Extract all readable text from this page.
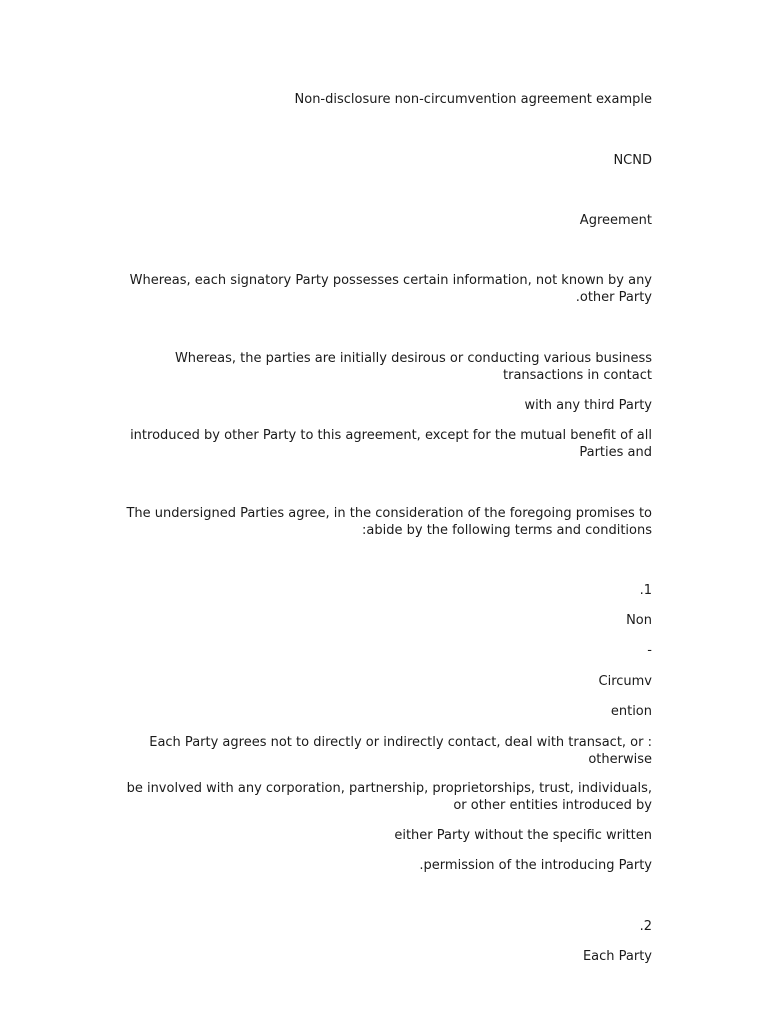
Non-disclosure non-circumvention agreement example

NCND

Agreement

Whereas, each signatory Party possesses certain information, not known by any .other Party

Whereas, the parties are initially desirous or conducting various business transactions in contact

with any third Party

introduced by other Party to this agreement, except for the mutual benefit of all Parties and

The undersigned Parties agree, in the consideration of the foregoing promises to :abide by the following terms and conditions

.1

Non

-

Circumv

ention

Each Party agrees not to directly or indirectly contact, deal with transact, or : otherwise

be involved with any corporation, partnership, proprietorships, trust, individuals, or other entities introduced by

either Party without the specific written

.permission of the introducing Party

.2

Each Party
